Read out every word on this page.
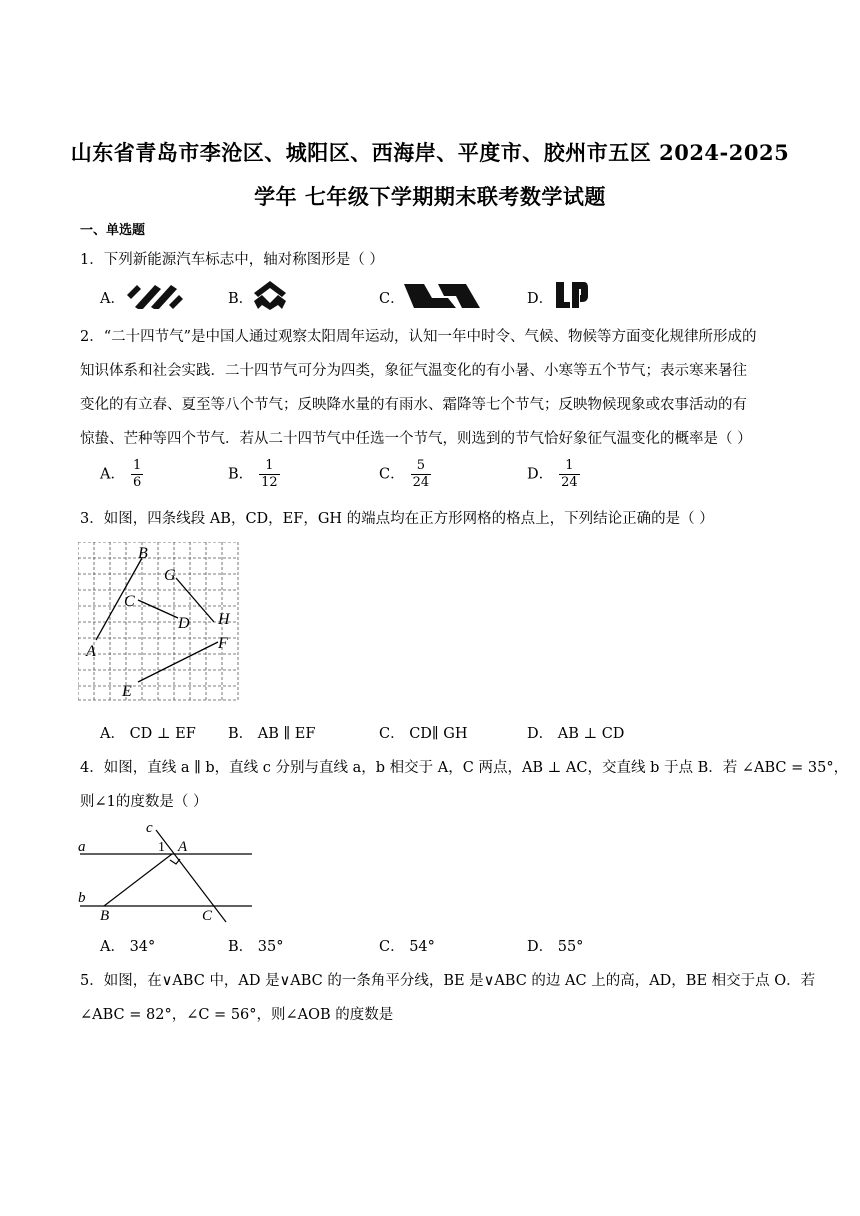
山东省青岛市李沧区、城阳区、西海岸、平度市、胶州市五区 2024-2025
学年 七年级下学期期末联考数学试题
一、单选题
1．下列新能源汽车标志中，轴对称图形是（ ）
A．	B．	C．	D．
2．“二十四节气”是中国人通过观察太阳周年运动，认知一年中时令、气候、物候等方面变化规律所形成的
知识体系和社会实践．二十四节气可分为四类，象征气温变化的有小暑、小寒等五个节气；表示寒来暑往
变化的有立春、夏至等八个节气；反映降水量的有雨水、霜降等七个节气；反映物候现象或农事活动的有
惊蛰、芒种等四个节气．若从二十四节气中任选一个节气，则选到的节气恰好象征气温变化的概率是（ ）
A． $\frac{1}{6}$	B． $\frac{1}{12}$	C． $\frac{5}{24}$	D． $\frac{1}{24}$
3．如图，四条线段 AB，CD，EF，GH 的端点均在正方形网格的格点上，下列结论正确的是（ ）
A
B
C
D
E
F
G
H
A． CD ⊥ EF B． AB ∥ EF	C． CD∥ GH	D． AB ⊥ CD
4．如图，直线 a ∥ b，直线 c 分别与直线 a，b 相交于 A，C 两点，AB ⊥ AC，交直线 b 于点 B．若 ∠ABC = 35°，
则∠1的度数是（ ）
a
b
c
A
B	C
1
A． 34°	B． 35°	C． 54°	D． 55°
5．如图，在∨ABC 中，AD 是∨ABC 的一条角平分线，BE 是∨ABC 的边 AC 上的高，AD，BE 相交于点 O．若
∠ABC = 82°，∠C = 56°，则∠AOB 的度数是
